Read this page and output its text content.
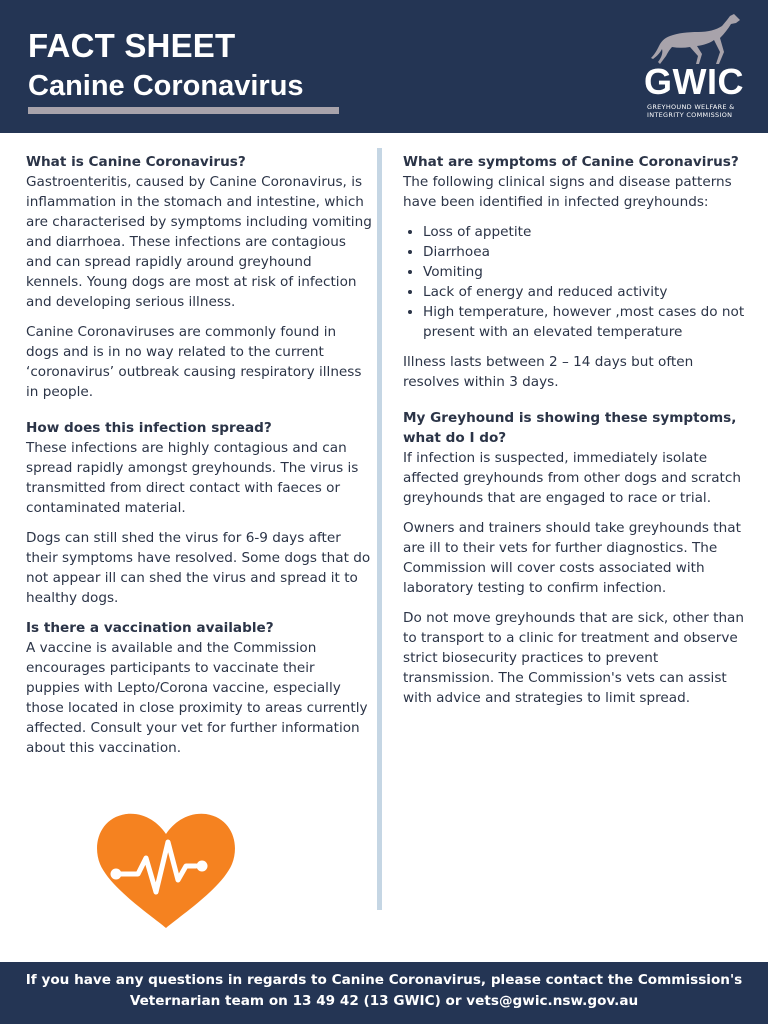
FACT SHEET
Canine Coronavirus	GWIC
GREYHOUND WELFARE &
INTEGRITY COMMISSION
What is Canine Coronavirus?

Gastroenteritis, caused by Canine Coronavirus, is inflammation in the stomach and intestine, which are characterised by symptoms including vomiting and diarrhoea. These infections are contagious and can spread rapidly around greyhound kennels. Young dogs are most at risk of infection and developing serious illness.

Canine Coronaviruses are commonly found in dogs and is in no way related to the current ‘coronavirus’ outbreak causing respiratory illness in people.

How does this infection spread?

These infections are highly contagious and can spread rapidly amongst greyhounds. The virus is transmitted from direct contact with faeces or contaminated material.

Dogs can still shed the virus for 6-9 days after their symptoms have resolved. Some dogs that do not appear ill can shed the virus and spread it to healthy dogs.

Is there a vaccination available?

A vaccine is available and the Commission encourages participants to vaccinate their puppies with Lepto/Corona vaccine, especially those located in close proximity to areas currently affected. Consult your vet for further information about this vaccination.

What are symptoms of Canine Coronavirus?

The following clinical signs and disease patterns have been identified in infected greyhounds:

• Loss of appetite
• Diarrhoea
• Vomiting
• Lack of energy and reduced activity
• High temperature, however ,most cases do not present with an elevated temperature

Illness lasts between 2 – 14 days but often resolves within 3 days.

My Greyhound is showing these symptoms, what do I do?

If infection is suspected, immediately isolate affected greyhounds from other dogs and scratch greyhounds that are engaged to race or trial.

Owners and trainers should take greyhounds that are ill to their vets for further diagnostics. The Commission will cover costs associated with laboratory testing to confirm infection.

Do not move greyhounds that are sick, other than to transport to a clinic for treatment and observe strict biosecurity practices to prevent transmission. The Commission's vets can assist with advice and strategies to limit spread.

If you have any questions in regards to Canine Coronavirus, please contact the Commission's
Veternarian team on 13 49 42 (13 GWIC) or vets@gwic.nsw.gov.au
